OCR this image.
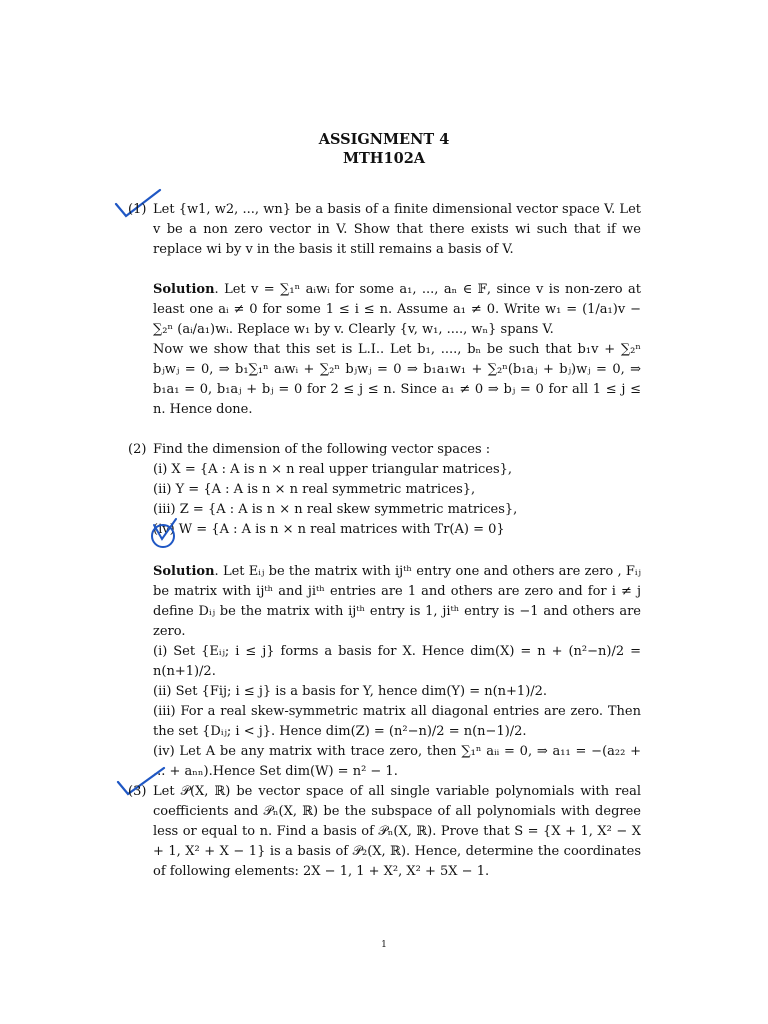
ASSIGNMENT 4
MTH102A
(1) Let {w1, w2, ..., wn} be a basis of a finite dimensional vector space V. Let v be a non zero vector in V. Show that there exists wi such that if we replace wi by v in the basis it still remains a basis of V.

Solution. Let v = ∑₁ⁿ aᵢwᵢ for some a₁, ..., aₙ ∈ 𝔽, since v is non-zero at least one aᵢ ≠ 0 for some 1 ≤ i ≤ n. Assume a₁ ≠ 0. Write w₁ = (1/a₁)v − ∑₂ⁿ (aᵢ/a₁)wᵢ. Replace w₁ by v. Clearly {v, w₁, ...., wₙ} spans V.

Now we show that this set is L.I.. Let b₁, ...., bₙ be such that b₁v + ∑₂ⁿ bⱼwⱼ = 0, ⇒ b₁∑₁ⁿ aᵢwᵢ + ∑₂ⁿ bⱼwⱼ = 0 ⇒ b₁a₁w₁ + ∑₂ⁿ(b₁aⱼ + bⱼ)wⱼ = 0, ⇒ b₁a₁ = 0, b₁aⱼ + bⱼ = 0 for 2 ≤ j ≤ n. Since a₁ ≠ 0 ⇒ bⱼ = 0 for all 1 ≤ j ≤ n. Hence done.

(2) Find the dimension of the following vector spaces :

(i) X = {A : A is n × n real upper triangular matrices},

(ii) Y = {A : A is n × n real symmetric matrices},

(iii) Z = {A : A is n × n real skew symmetric matrices},

(iv) W = {A : A is n × n real matrices with Tr(A) = 0}

Solution. Let Eᵢⱼ be the matrix with ijᵗʰ entry one and others are zero , Fᵢⱼ be matrix with ijᵗʰ and jiᵗʰ entries are 1 and others are zero and for i ≠ j define Dᵢⱼ be the matrix with ijᵗʰ entry is 1, jiᵗʰ entry is −1 and others are zero.

(i) Set {Eᵢⱼ; i ≤ j} forms a basis for X. Hence dim(X) = n + (n²−n)/2 = n(n+1)/2.

(ii) Set {Fij; i ≤ j} is a basis for Y, hence dim(Y) = n(n+1)/2.

(iii) For a real skew-symmetric matrix all diagonal entries are zero. Then the set {Dᵢⱼ; i < j}. Hence dim(Z) = (n²−n)/2 = n(n−1)/2.

(iv) Let A be any matrix with trace zero, then ∑₁ⁿ aᵢᵢ = 0, ⇒ a₁₁ = −(a₂₂ + ... + aₙₙ).Hence Set dim(W) = n² − 1.

(3) Let 𝒫(X, ℝ) be vector space of all single variable polynomials with real coefficients and 𝒫ₙ(X, ℝ) be the subspace of all polynomials with degree less or equal to n. Find a basis of 𝒫ₙ(X, ℝ). Prove that S = {X + 1, X² − X + 1, X² + X − 1} is a basis of 𝒫₂(X, ℝ). Hence, determine the coordinates of following elements: 2X − 1, 1 + X², X² + 5X − 1.

1
